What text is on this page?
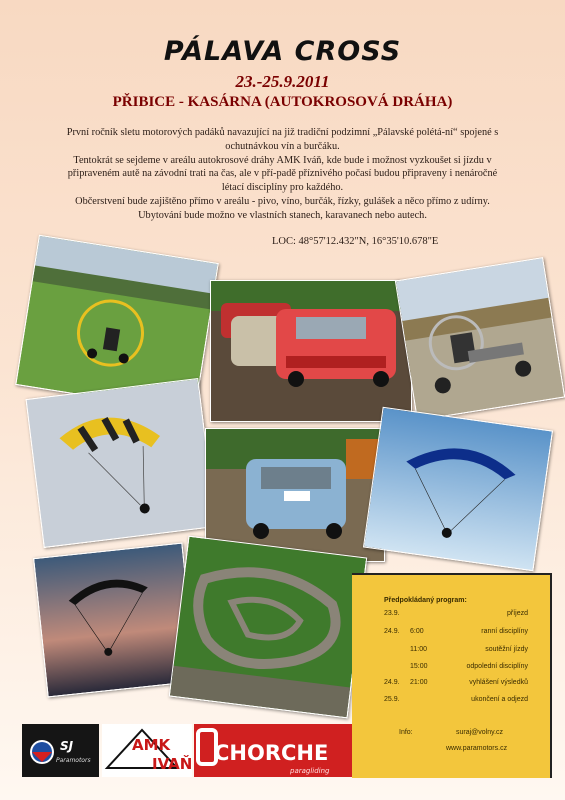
PÁLAVA CROSS
23.-25.9.2011
PŘIBICE - KASÁRNA (AUTOKROSOVÁ DRÁHA)

První ročník sletu motorových padáků navazující na již tradiční podzimní „Pálavské polétá-ní“ spojené s ochutnávkou vín a burčáku.

Tentokrát se sejdeme v areálu autokrosové dráhy AMK Iváň, kde bude i možnost vyzkoušet si jízdu v připraveném autě na závodní trati na čas, ale v pří-padě příznivého počasí budou připraveny i nenáročné létací disciplíny pro každého.

Občerstvení bude zajištěno přímo v areálu - pivo, víno, burčák, řízky, gulášek a něco přímo z udírny. Ubytování bude možno ve vlastních stanech, karavanech nebo autech.

LOC: 48°57'12.432"N, 16°35'10.678"E
Předpokládaný program:
23.9.	příjezd
24.9. 6:00	ranní disciplíny
11:00	soutěžní jízdy
15:00	odpolední disciplíny
24.9. 21:00	vyhlášení výsledků
25.9.	ukončení a odjezd
Info:	suraj@volny.cz
www.paramotors.cz
SJ
Paramotors
AMK
IVAŇ CHORCHE
paragliding
